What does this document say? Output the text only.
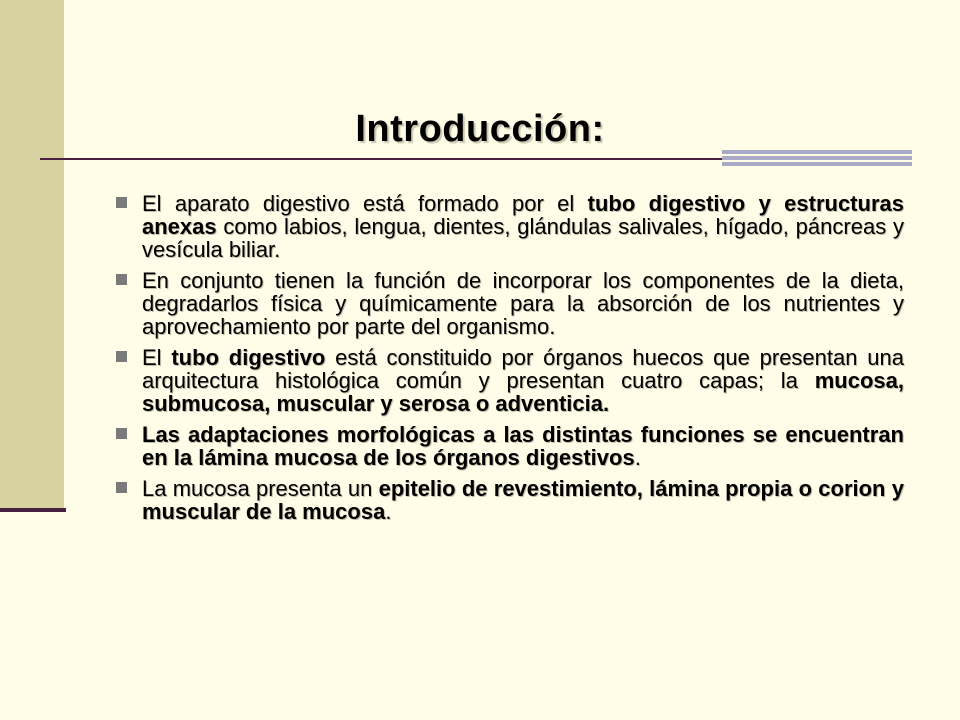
Introducción:
El aparato digestivo está formado por el tubo digestivo y estructuras anexas como labios, lengua, dientes, glándulas salivales, hígado, páncreas y vesícula biliar.
En conjunto tienen la función de incorporar los componentes de la dieta, degradarlos física y químicamente para la absorción de los nutrientes y aprovechamiento por parte del organismo.
El tubo digestivo está constituido por órganos huecos que presentan una arquitectura histológica común y presentan cuatro capas; la mucosa, submucosa, muscular y serosa o adventicia.
Las adaptaciones morfológicas a las distintas funciones se encuentran en la lámina mucosa de los órganos digestivos.
La mucosa presenta un epitelio de revestimiento, lámina propia o corion y muscular de la mucosa.
